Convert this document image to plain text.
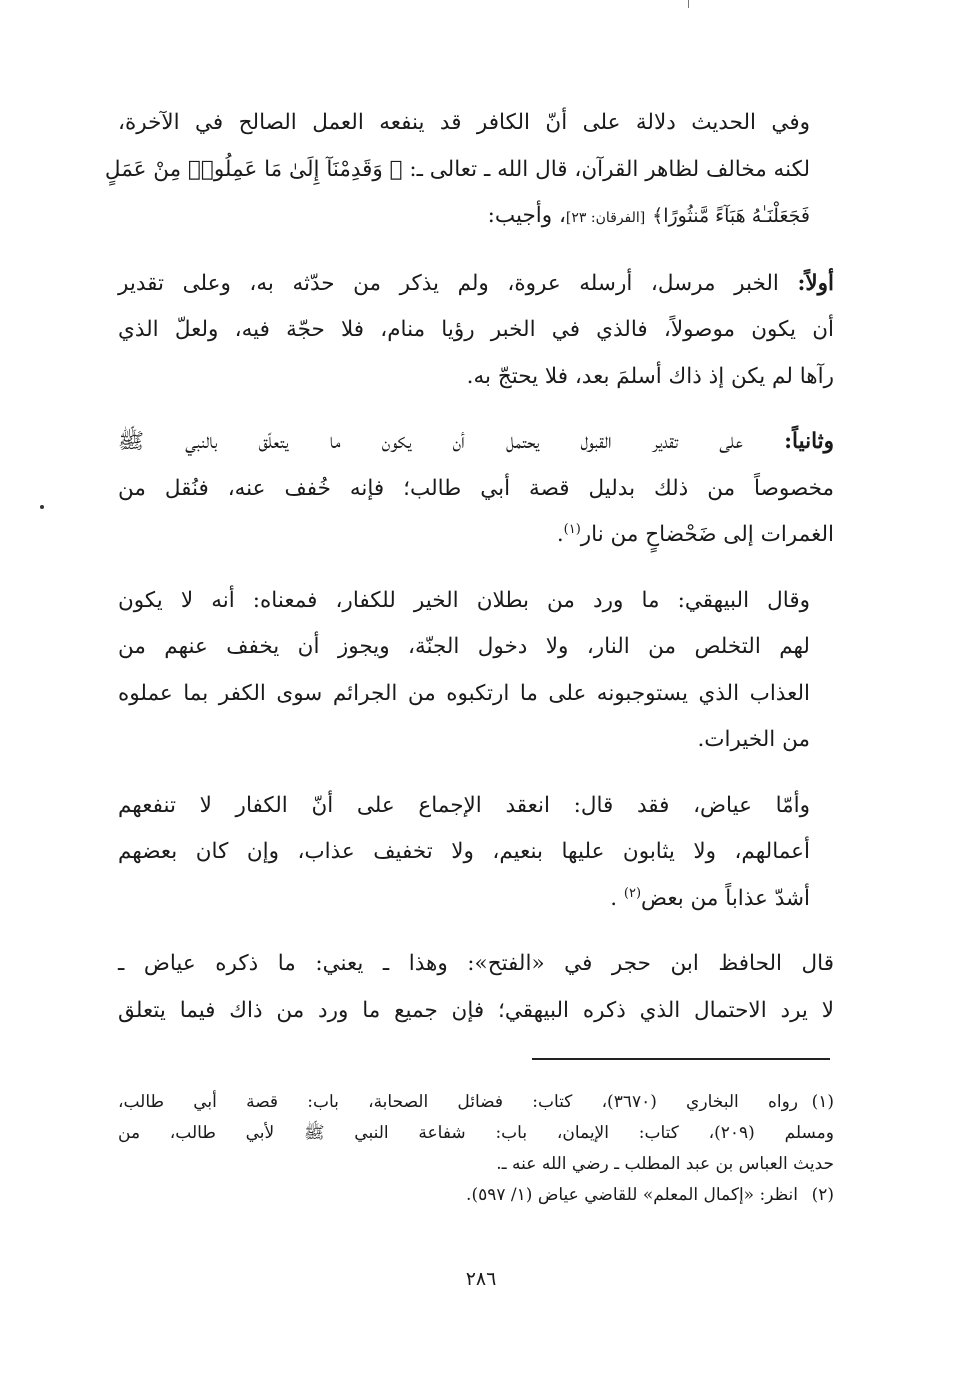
وفي الحديث دلالة على أنّ الكافر قد ينفعه العمل الصالح في الآخرة،
لكنه مخالف لظاهر القرآن، قال الله ـ تعالى ـ: ﴿ وَقَدِمْنَآ إِلَىٰ مَا عَمِلُوا۟ مِنْ عَمَلٍ
فَجَعَلْنَـٰهُ هَبَآءً مَّنثُورًا﴾ [الفرقان: ٢٣]، وأجيب:

أولاً: الخبر مرسل، أرسله عروة، ولم يذكر من حدّثه به، وعلى تقدير
أن يكون موصولاً، فالذي في الخبر رؤيا منام، فلا حجّة فيه، ولعلّ الذي
رآها لم يكن إذ ذاك أسلمَ بعد، فلا يحتجّ به.

وثانياً: على تقدير القبول يحتمل أن يكون ما يتعلّق بالنبي ﷺ
مخصوصاً من ذلك بدليل قصة أبي طالب؛ فإنه خُفف عنه، فنُقل من
الغمرات إلى ضَحْضاحٍ من نار$^{(١)}$.

وقال البيهقي: ما ورد من بطلان الخير للكفار، فمعناه: أنه لا يكون
لهم التخلص من النار، ولا دخول الجنّة، ويجوز أن يخفف عنهم من
العذاب الذي يستوجبونه على ما ارتكبوه من الجرائم سوى الكفر بما عملوه
من الخيرات.

وأمّا عياض، فقد قال: انعقد الإجماع على أنّ الكفار لا تنفعهم
أعمالهم، ولا يثابون عليها بنعيم، ولا تخفيف عذاب، وإن كان بعضهم
أشدّ عذاباً من بعض$^{(٢)}$ .

قال الحافظ ابن حجر في «الفتح»: وهذا ـ يعني: ما ذكره عياض ـ
لا يرد الاحتمال الذي ذكره البيهقي؛ فإن جميع ما ورد من ذاك فيما يتعلق

(١)رواه البخاري (٣٦٧٠)، كتاب: فضائل الصحابة، باب: قصة أبي طالب،
ومسلم (٢٠٩)، كتاب: الإيمان، باب: شفاعة النبي ﷺ لأبي طالب، من
حديث العباس بن عبد المطلب ـ رضي الله عنه ـ.
(٢)انظر: «إكمال المعلم» للقاضي عياض (١/ ٥٩٧).
٢٨٦
